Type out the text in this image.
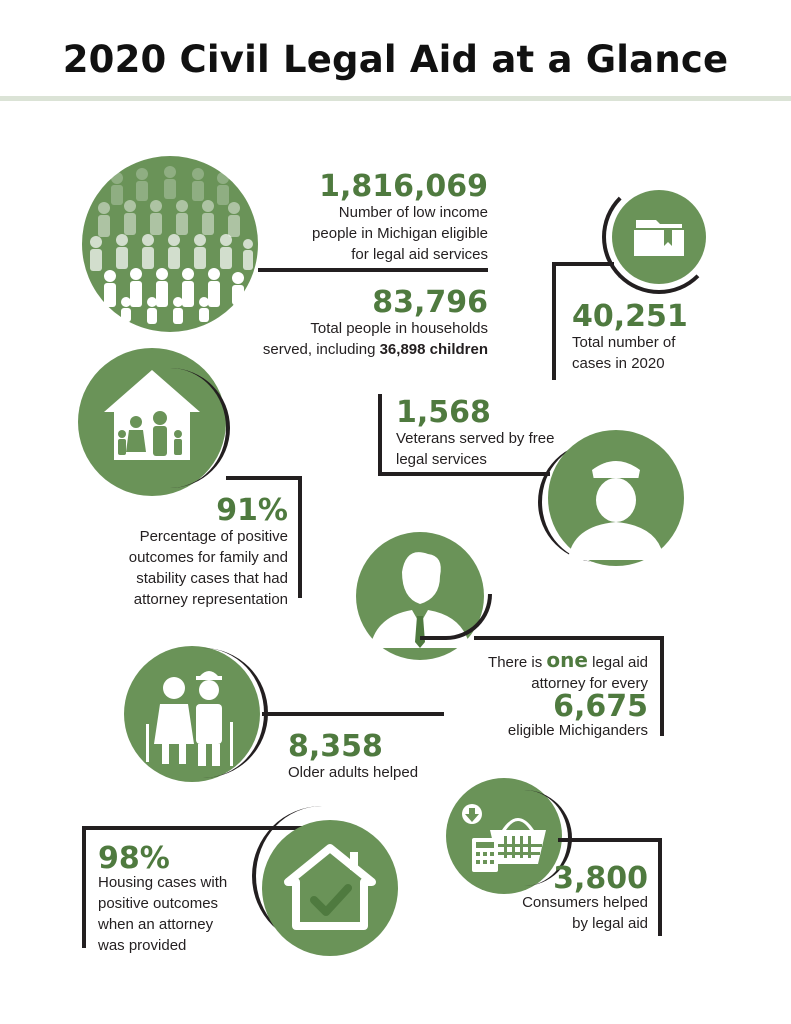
2020 Civil Legal Aid at a Glance
1,816,069
Number of low income
people in Michigan eligible
for legal aid services
83,796
Total people in households
served, including 36,898 children
40,251
Total number of
cases in 2020
91%
Percentage of positive
outcomes for family and
stability cases that had
attorney representation
1,568
Veterans served by free
legal services
There is one legal aid
attorney for every
6,675
eligible Michiganders
8,358
Older adults helped
3,800
Consumers helped
by legal aid
98%
Housing cases with
positive outcomes
when an attorney
was provided
